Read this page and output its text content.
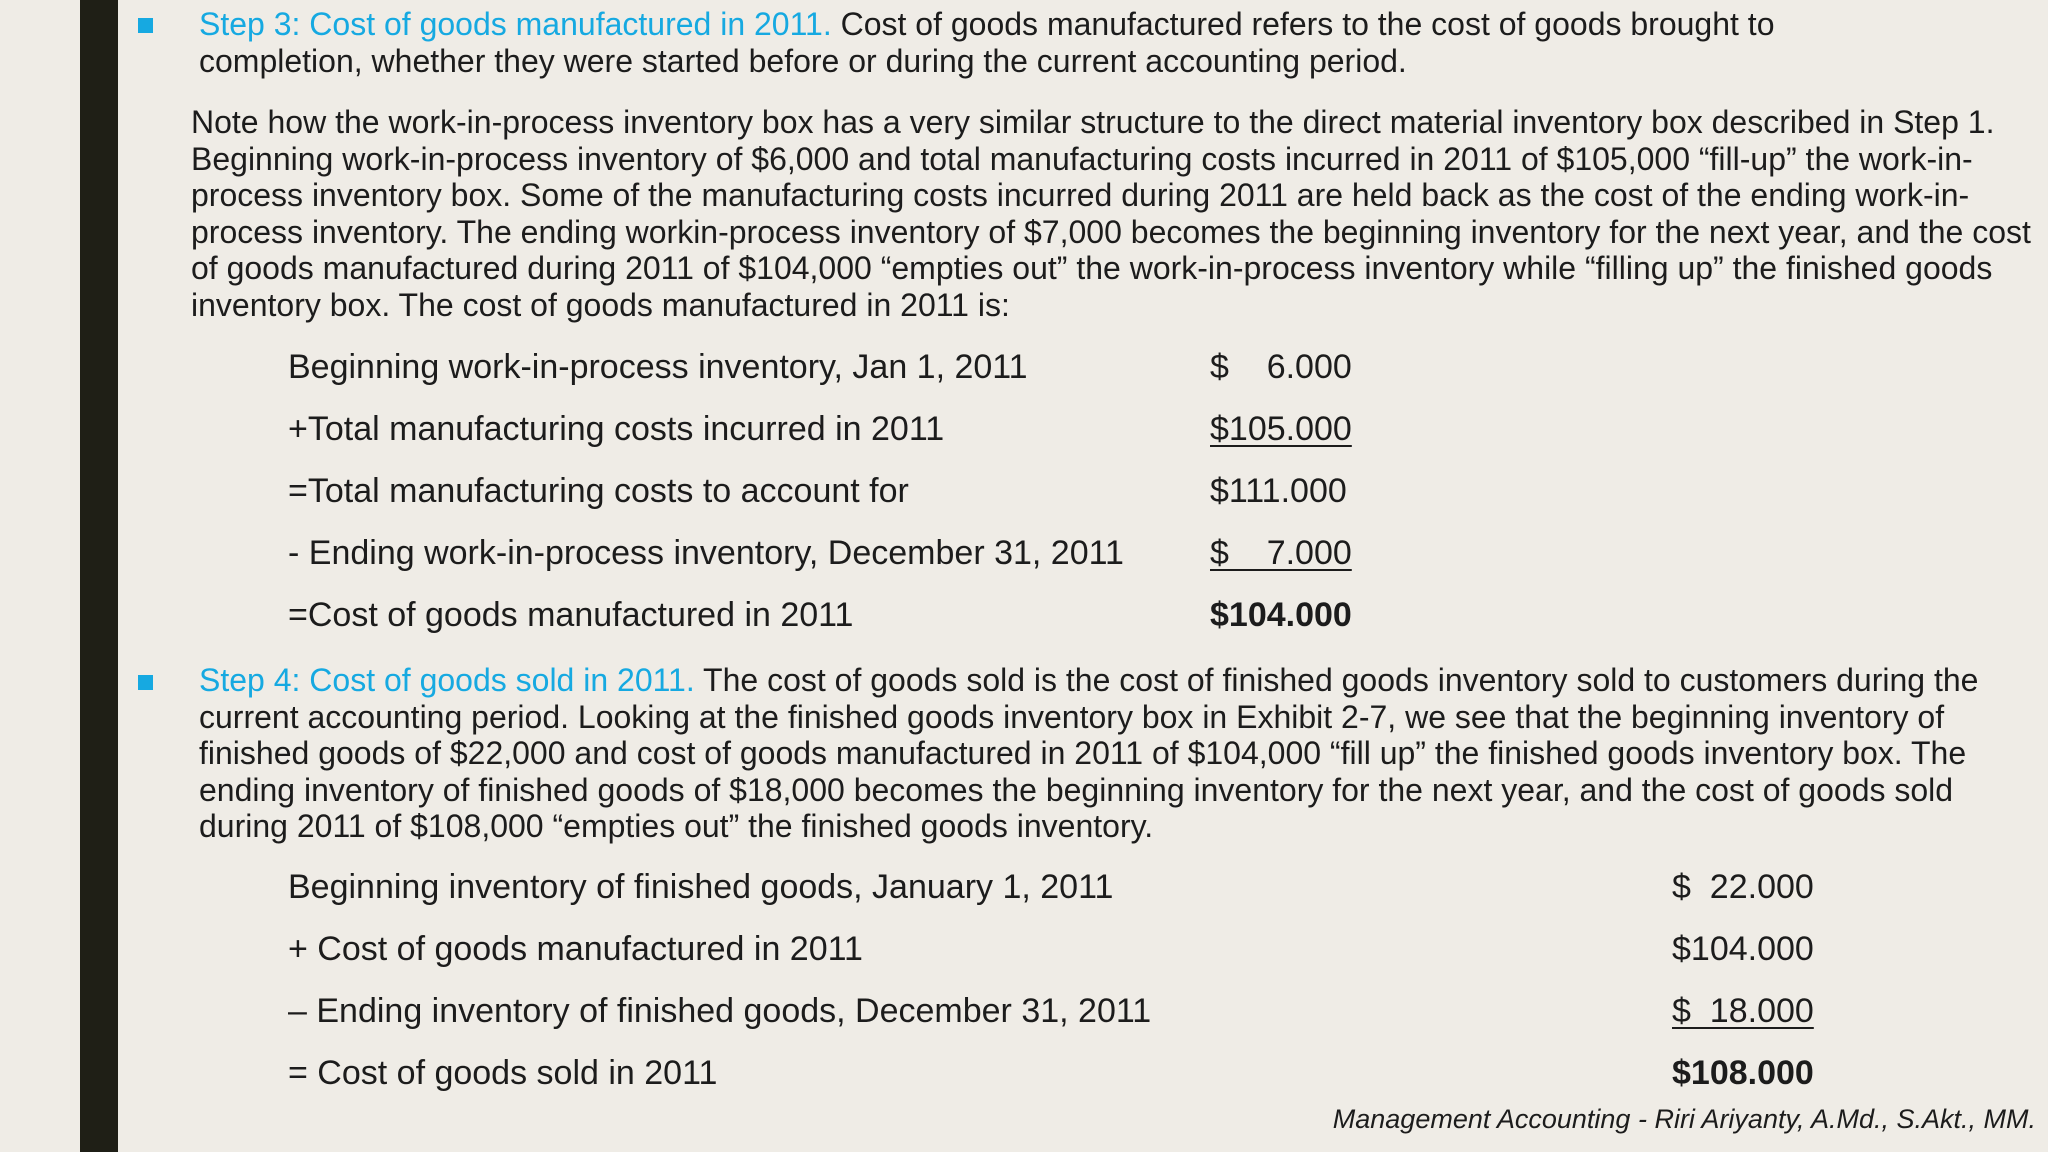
Step 3: Cost of goods manufactured in 2011. Cost of goods manufactured refers to the cost of goods brought to completion, whether they were started before or during the current accounting period.

Note how the work-in-process inventory box has a very similar structure to the direct material inventory box described in Step 1. Beginning work-in-process inventory of $6,000 and total manufacturing costs incurred in 2011 of $105,000 “fill-up” the work-in-process inventory box. Some of the manufacturing costs incurred during 2011 are held back as the cost of the ending work-in-process inventory. The ending workin-process inventory of $7,000 becomes the beginning inventory for the next year, and the cost of goods manufactured during 2011 of $104,000 “empties out” the work-in-process inventory while “filling up” the finished goods inventory box. The cost of goods manufactured in 2011 is:

Beginning work-in-process inventory, Jan 1, 2011	$    6.000
+Total manufacturing costs incurred in 2011	$105.000
=Total manufacturing costs to account for	$111.000
- Ending work-in-process inventory, December 31, 2011	$    7.000
=Cost of goods manufactured in 2011	$104.000

Step 4: Cost of goods sold in 2011. The cost of goods sold is the cost of finished goods inventory sold to customers during the current accounting period. Looking at the finished goods inventory box in Exhibit 2-7, we see that the beginning inventory of finished goods of $22,000 and cost of goods manufactured in 2011 of $104,000 “fill up” the finished goods inventory box. The ending inventory of finished goods of $18,000 becomes the beginning inventory for the next year, and the cost of goods sold during 2011 of $108,000 “empties out” the finished goods inventory.

Beginning inventory of finished goods, January 1, 2011	$  22.000
+ Cost of goods manufactured in 2011	$104.000
– Ending inventory of finished goods, December 31, 2011	$  18.000
= Cost of goods sold in 2011	$108.000
Management Accounting - Riri Ariyanty, A.Md., S.Akt., MM.
